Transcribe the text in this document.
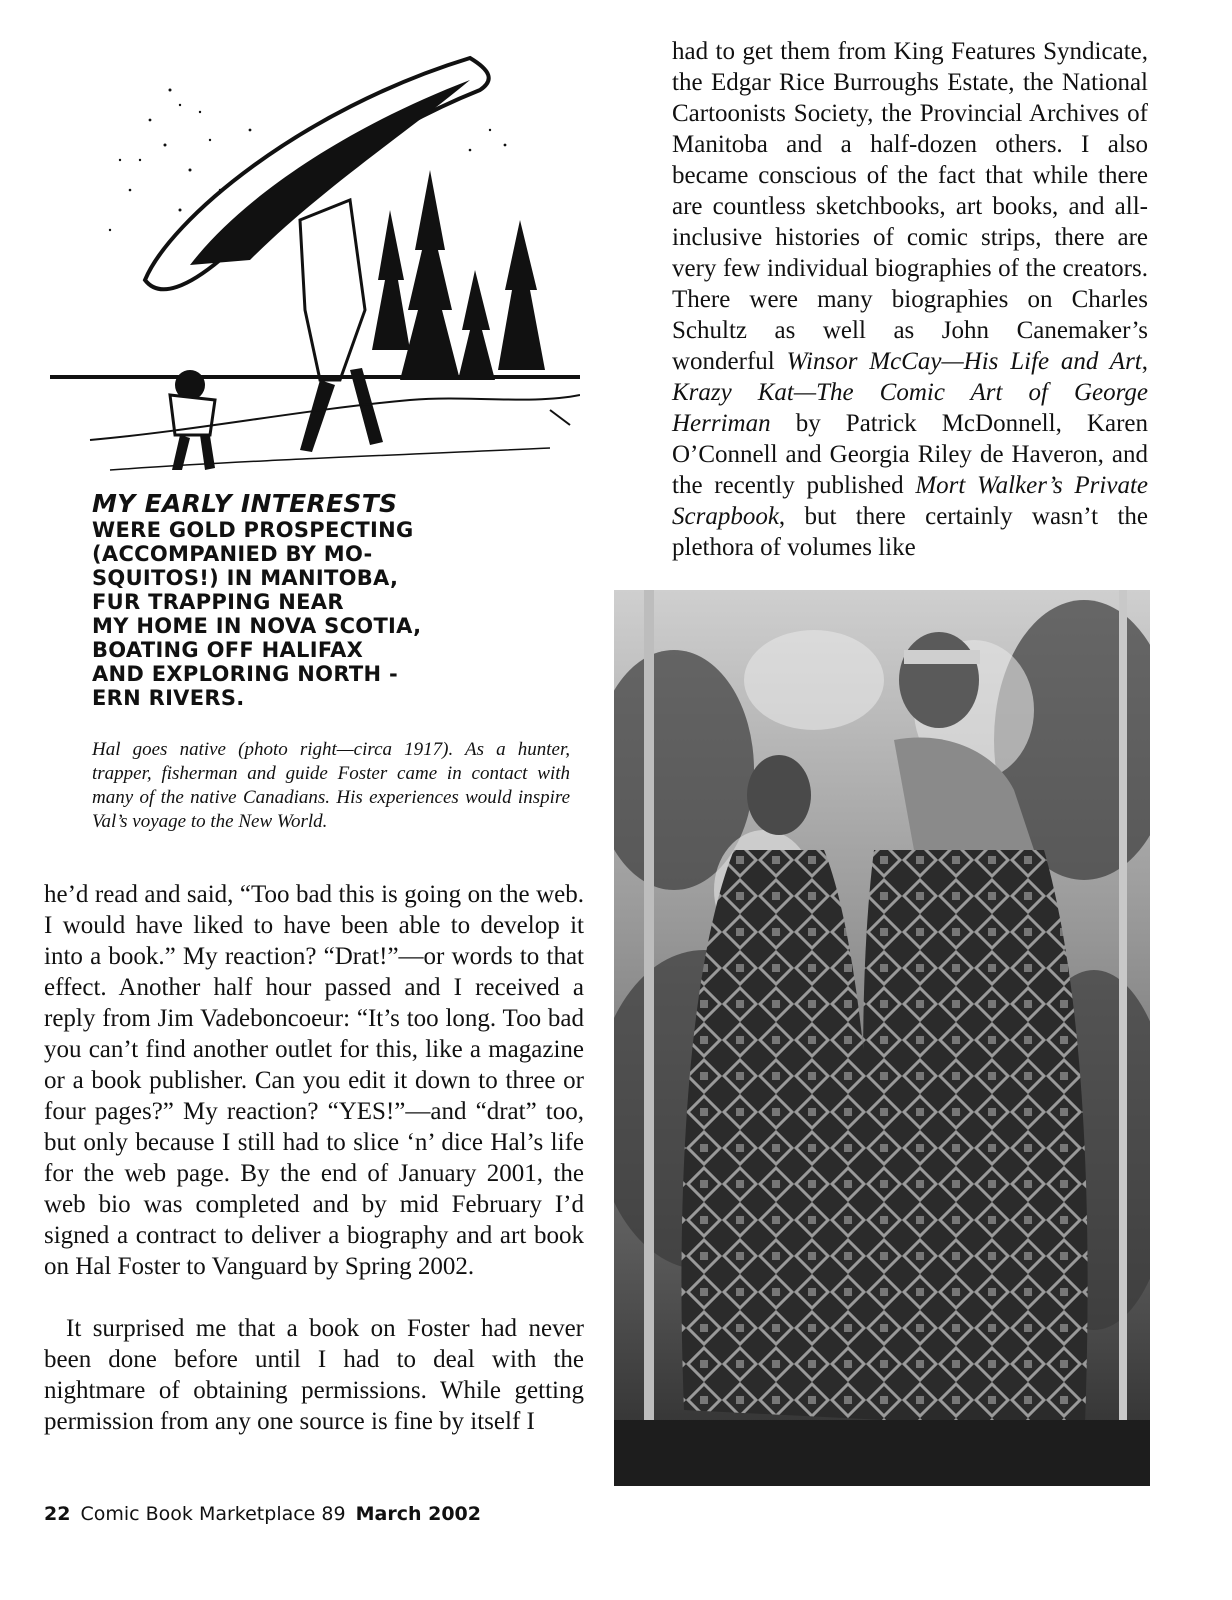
MY EARLY INTERESTS
WERE GOLD PROSPECTING
(ACCOMPANIED BY MO-
SQUITOS!) IN MANITOBA,
FUR TRAPPING NEAR
MY HOME IN NOVA SCOTIA,
BOATING OFF HALIFAX
AND EXPLORING NORTH -
ERN RIVERS.
Hal goes native (photo right—circa 1917). As a hunter, trapper, fisherman and guide Foster came in contact with many of the native Canadians. His experiences would inspire Val’s voyage to the New World.

he’d read and said, “Too bad this is going on the web. I would have liked to have been able to develop it into a book.” My reaction? “Drat!”—or words to that effect. Another half hour passed and I received a reply from Jim Vadeboncoeur: “It’s too long. Too bad you can’t find another outlet for this, like a magazine or a book publisher. Can you edit it down to three or four pages?” My reaction? “YES!”—and “drat” too, but only because I still had to slice ‘n’ dice Hal’s life for the web page. By the end of January 2001, the web bio was completed and by mid February I’d signed a contract to deliver a biography and art book on Hal Foster to Vanguard by Spring 2002.

It surprised me that a book on Foster had never been done before until I had to deal with the nightmare of obtaining permissions. While getting permission from any one source is fine by itself I

had to get them from King Features Syndicate, the Edgar Rice Burroughs Estate, the National Cartoonists Society, the Provincial Archives of Manitoba and a half-dozen others. I also became conscious of the fact that while there are countless sketchbooks, art books, and all-inclusive histories of comic strips, there are very few individual biographies of the creators. There were many biographies on Charles Schultz as well as John Canemaker’s wonderful Winsor McCay—His Life and Art, Krazy Kat—The Comic Art of George Herriman by Patrick McDonnell, Karen O’Connell and Georgia Riley de Haveron, and the recently published Mort Walker’s Private Scrapbook, but there certainly wasn’t the plethora of volumes like

22 Comic Book Marketplace 89 March 2002
